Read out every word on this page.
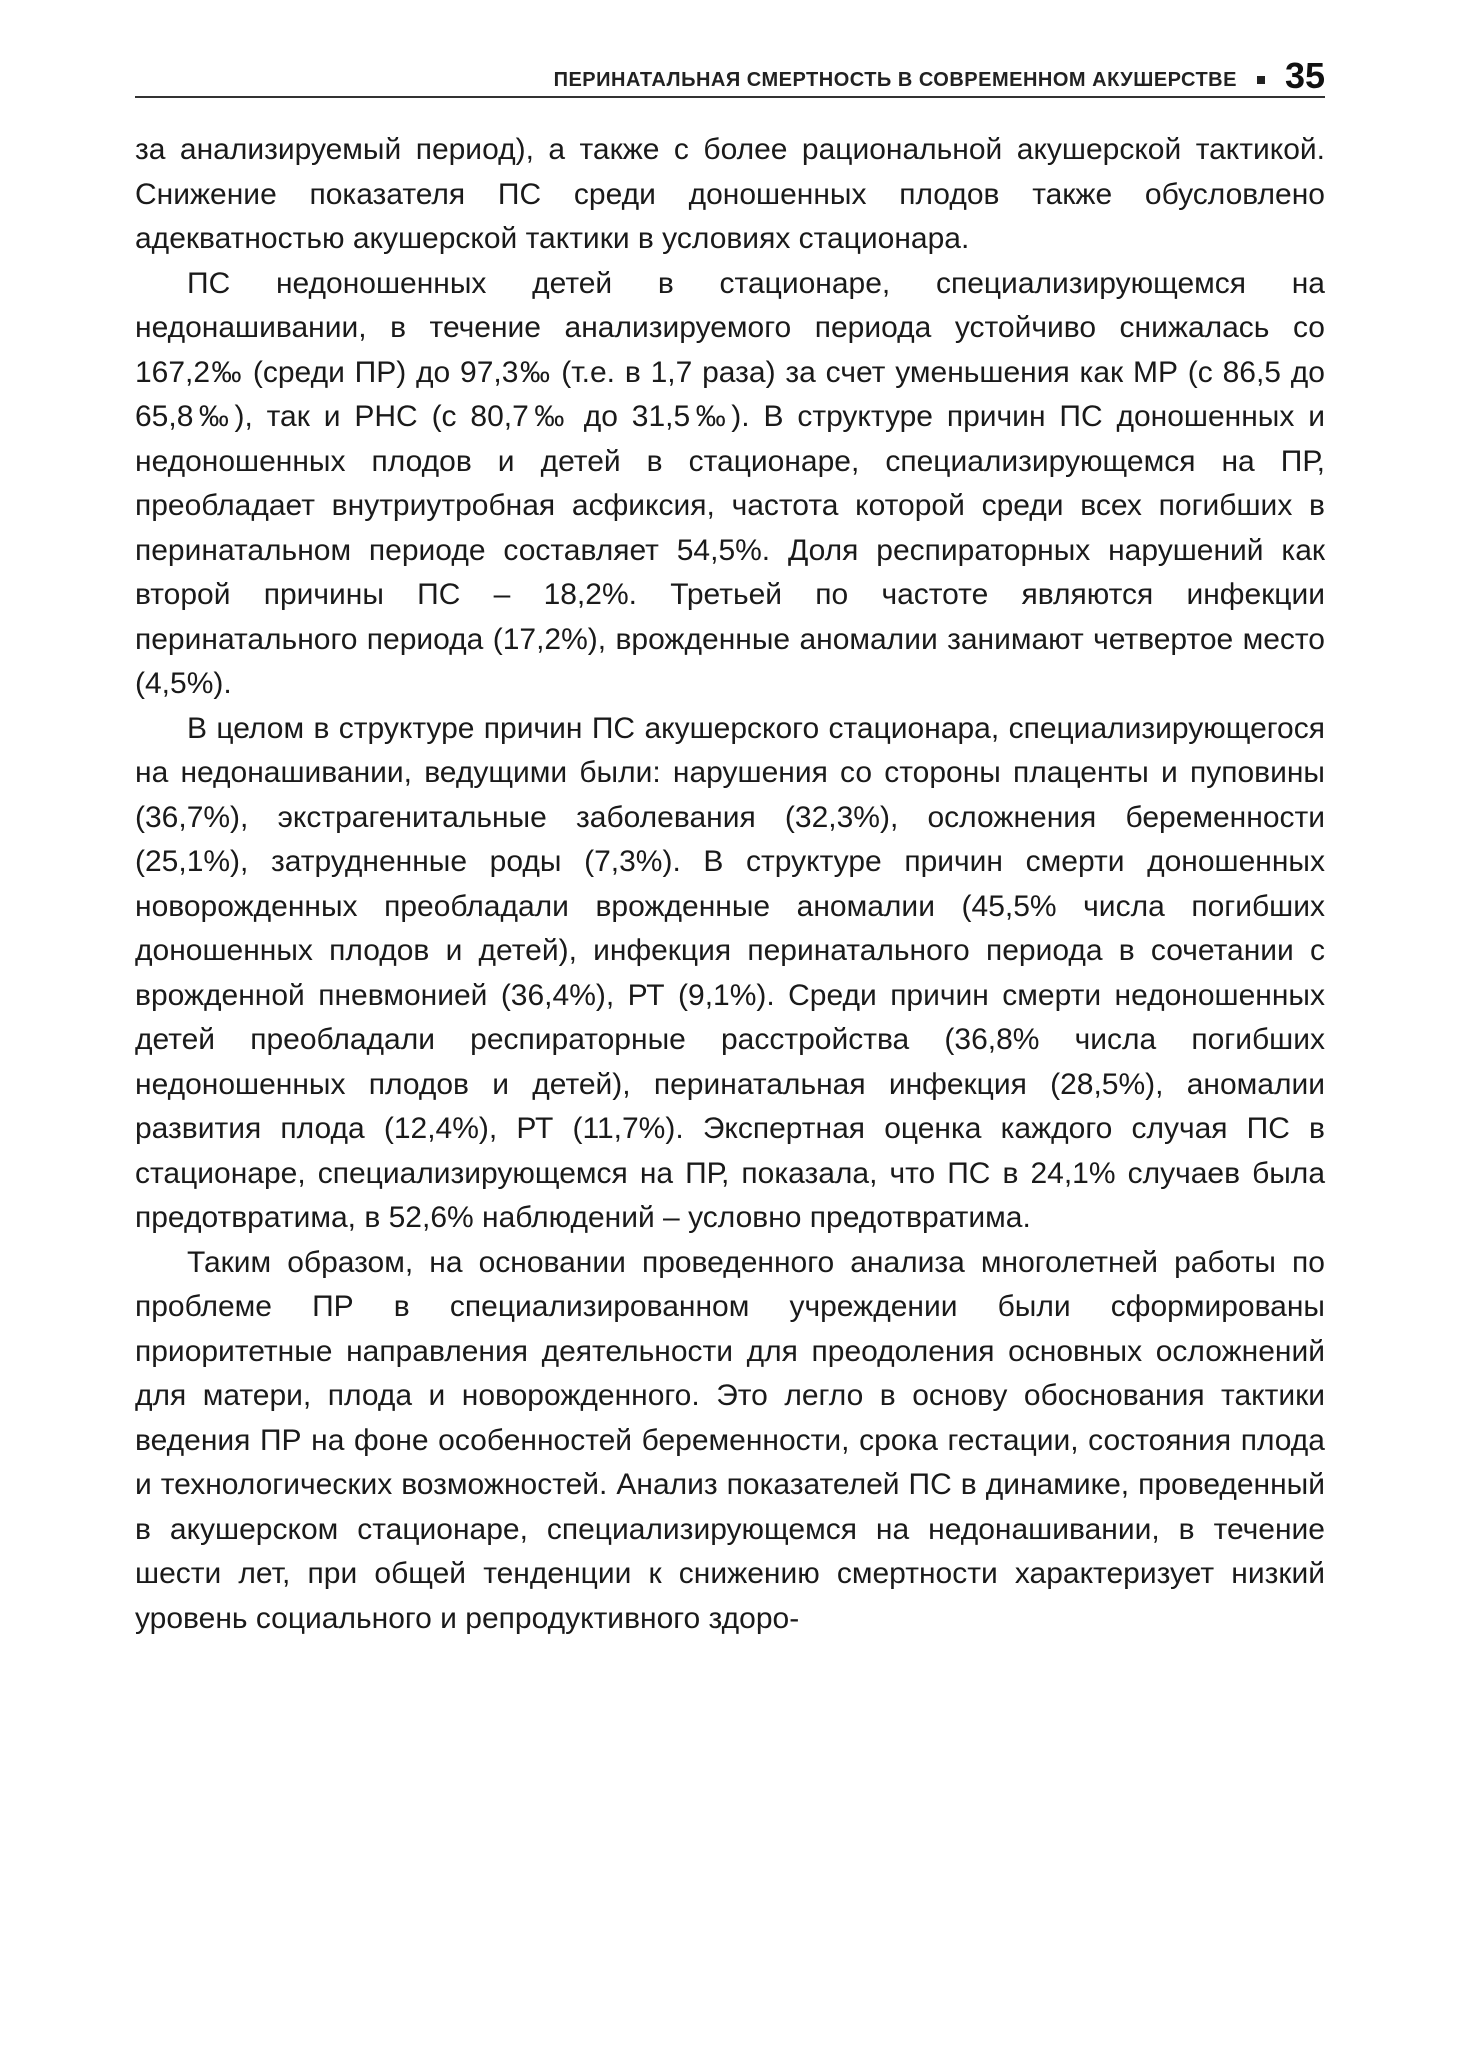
ПЕРИНАТАЛЬНАЯ СМЕРТНОСТЬ В СОВРЕМЕННОМ АКУШЕРСТВЕ 35

за анализируемый период), а также с более рациональной акушерской тактикой. Снижение показателя ПС среди доношенных плодов также обусловлено адекватностью акушерской тактики в условиях стационара.

ПС недоношенных детей в стационаре, специализирующемся на недонашивании, в течение анализируемого периода устойчиво снижалась со 167,2‰ (среди ПР) до 97,3‰ (т.е. в 1,7 раза) за счет уменьшения как МР (с 86,5 до 65,8‰), так и РНС (с 80,7‰ до 31,5‰). В структуре причин ПС доношенных и недоношенных плодов и детей в стационаре, специализирующемся на ПР, преобладает внутриутробная асфиксия, частота которой среди всех погибших в перинатальном периоде составляет 54,5%. Доля респираторных нарушений как второй причины ПС – 18,2%. Третьей по частоте являются инфекции перинатального периода (17,2%), врожденные аномалии занимают четвертое место (4,5%).

В целом в структуре причин ПС акушерского стационара, специализирующегося на недонашивании, ведущими были: нарушения со стороны плаценты и пуповины (36,7%), экстрагенитальные заболевания (32,3%), осложнения беременности (25,1%), затрудненные роды (7,3%). В структуре причин смерти доношенных новорожденных преобладали врожденные аномалии (45,5% числа погибших доношенных плодов и детей), инфекция перинатального периода в сочетании с врожденной пневмонией (36,4%), РТ (9,1%). Среди причин смерти недоношенных детей преобладали респираторные расстройства (36,8% числа погибших недоношенных плодов и детей), перинатальная инфекция (28,5%), аномалии развития плода (12,4%), РТ (11,7%). Экспертная оценка каждого случая ПС в стационаре, специализирующемся на ПР, показала, что ПС в 24,1% случаев была предотвратима, в 52,6% наблюдений – условно предотвратима.

Таким образом, на основании проведенного анализа многолетней работы по проблеме ПР в специализированном учреждении были сформированы приоритетные направления деятельности для преодоления основных осложнений для матери, плода и новорожденного. Это легло в основу обоснования тактики ведения ПР на фоне особенностей беременности, срока гестации, состояния плода и технологических возможностей. Анализ показателей ПС в динамике, проведенный в акушерском стационаре, специализирующемся на недонашивании, в течение шести лет, при общей тенденции к снижению смертности характеризует низкий уровень социального и репродуктивного здоро-
